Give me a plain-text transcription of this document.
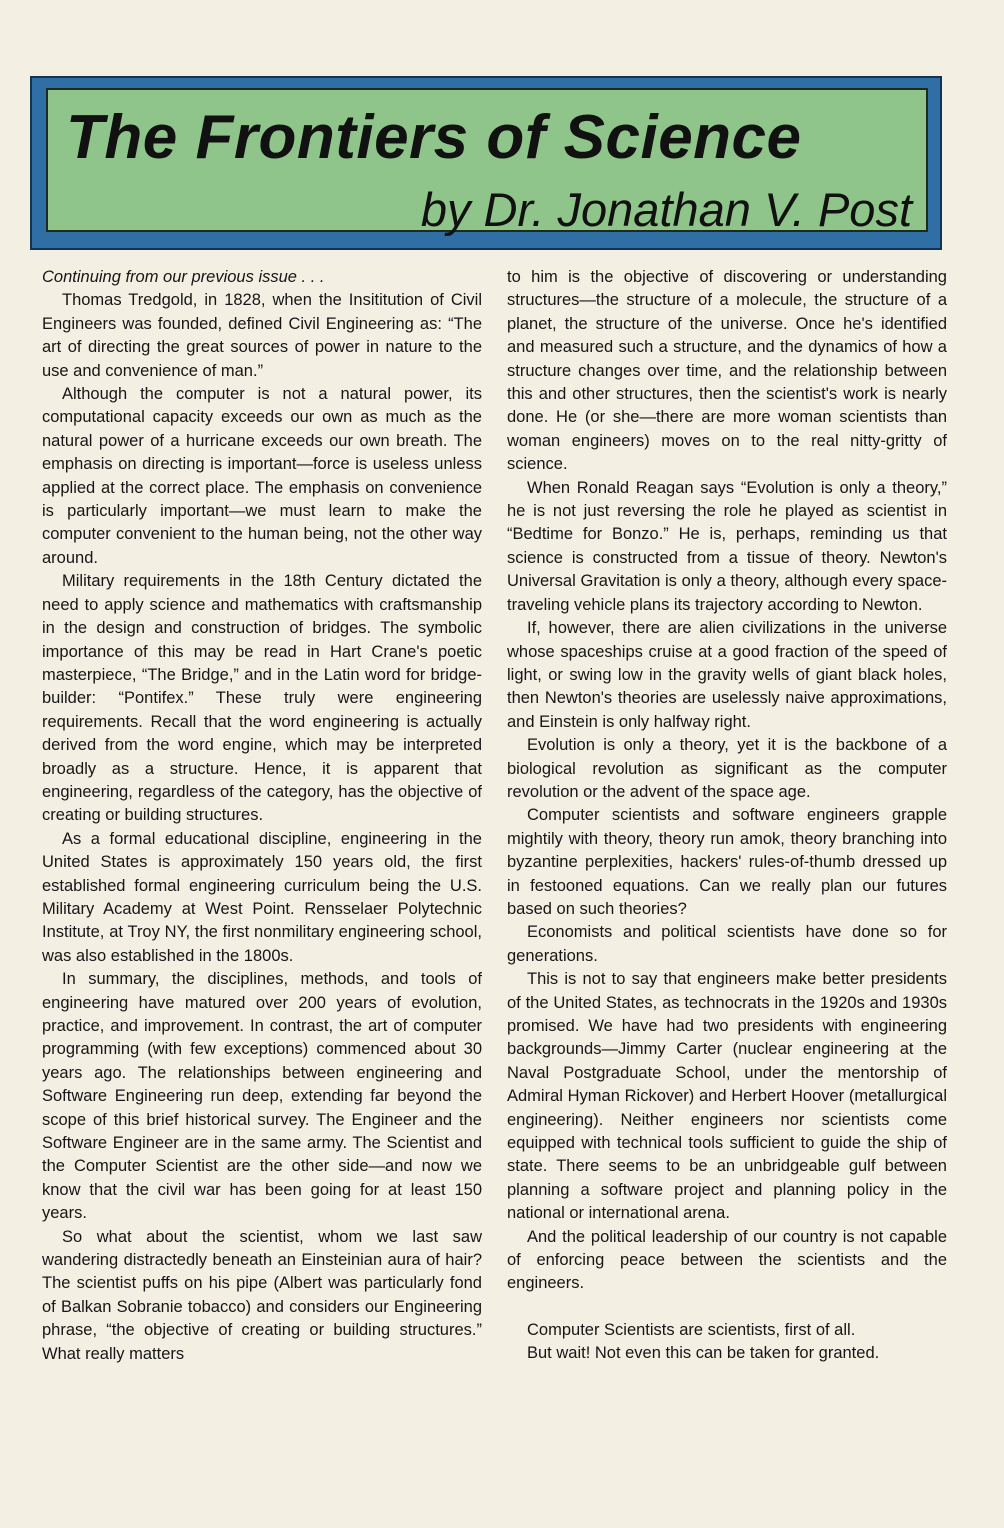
The Frontiers of Science
by Dr. Jonathan V. Post

Continuing from our previous issue . . .

Thomas Tredgold, in 1828, when the Insititution of Civil Engineers was founded, defined Civil Engineering as: “The art of directing the great sources of power in nature to the use and convenience of man.”

Although the computer is not a natural power, its computational capacity exceeds our own as much as the natural power of a hurricane exceeds our own breath. The emphasis on directing is important—force is useless unless applied at the correct place. The emphasis on convenience is particularly important—we must learn to make the computer convenient to the human being, not the other way around.

Military requirements in the 18th Century dictated the need to apply science and mathematics with craftsmanship in the design and construction of bridges. The symbolic importance of this may be read in Hart Crane's poetic masterpiece, “The Bridge,” and in the Latin word for bridge-builder: “Pontifex.” These truly were engineering requirements. Recall that the word engineering is actually derived from the word engine, which may be interpreted broadly as a structure. Hence, it is apparent that engineering, regardless of the category, has the objective of creating or building structures.

As a formal educational discipline, engineering in the United States is approximately 150 years old, the first established formal engineering curriculum being the U.S. Military Academy at West Point. Rensselaer Polytechnic Institute, at Troy NY, the first nonmilitary engineering school, was also established in the 1800s.

In summary, the disciplines, methods, and tools of engineering have matured over 200 years of evolution, practice, and improvement. In contrast, the art of computer programming (with few exceptions) commenced about 30 years ago. The relationships between engineering and Software Engineering run deep, extending far beyond the scope of this brief historical survey. The Engineer and the Software Engineer are in the same army. The Scientist and the Computer Scientist are the other side—and now we know that the civil war has been going for at least 150 years.

So what about the scientist, whom we last saw wandering distractedly beneath an Einsteinian aura of hair? The scientist puffs on his pipe (Albert was particularly fond of Balkan Sobranie tobacco) and considers our Engineering phrase, “the objective of creating or building structures.” What really matters

to him is the objective of discovering or understanding structures—the structure of a molecule, the structure of a planet, the structure of the universe. Once he's identified and measured such a structure, and the dynamics of how a structure changes over time, and the relationship between this and other structures, then the scientist's work is nearly done. He (or she—there are more woman scientists than woman engineers) moves on to the real nitty-gritty of science.

When Ronald Reagan says “Evolution is only a theory,” he is not just reversing the role he played as scientist in “Bedtime for Bonzo.” He is, perhaps, reminding us that science is constructed from a tissue of theory. Newton's Universal Gravitation is only a theory, although every space-traveling vehicle plans its trajectory according to Newton.

If, however, there are alien civilizations in the universe whose spaceships cruise at a good fraction of the speed of light, or swing low in the gravity wells of giant black holes, then Newton's theories are uselessly naive approximations, and Einstein is only halfway right.

Evolution is only a theory, yet it is the backbone of a biological revolution as significant as the computer revolution or the advent of the space age.

Computer scientists and software engineers grapple mightily with theory, theory run amok, theory branching into byzantine perplexities, hackers' rules-of-thumb dressed up in festooned equations. Can we really plan our futures based on such theories?

Economists and political scientists have done so for generations.

This is not to say that engineers make better presidents of the United States, as technocrats in the 1920s and 1930s promised. We have had two presidents with engineering backgrounds—Jimmy Carter (nuclear engineering at the Naval Postgraduate School, under the mentorship of Admiral Hyman Rickover) and Herbert Hoover (metallurgical engineering). Neither engineers nor scientists come equipped with technical tools sufficient to guide the ship of state. There seems to be an unbridgeable gulf between planning a software project and planning policy in the national or international arena.

And the political leadership of our country is not capable of enforcing peace between the scientists and the engineers.

Computer Scientists are scientists, first of all.

But wait! Not even this can be taken for granted.
